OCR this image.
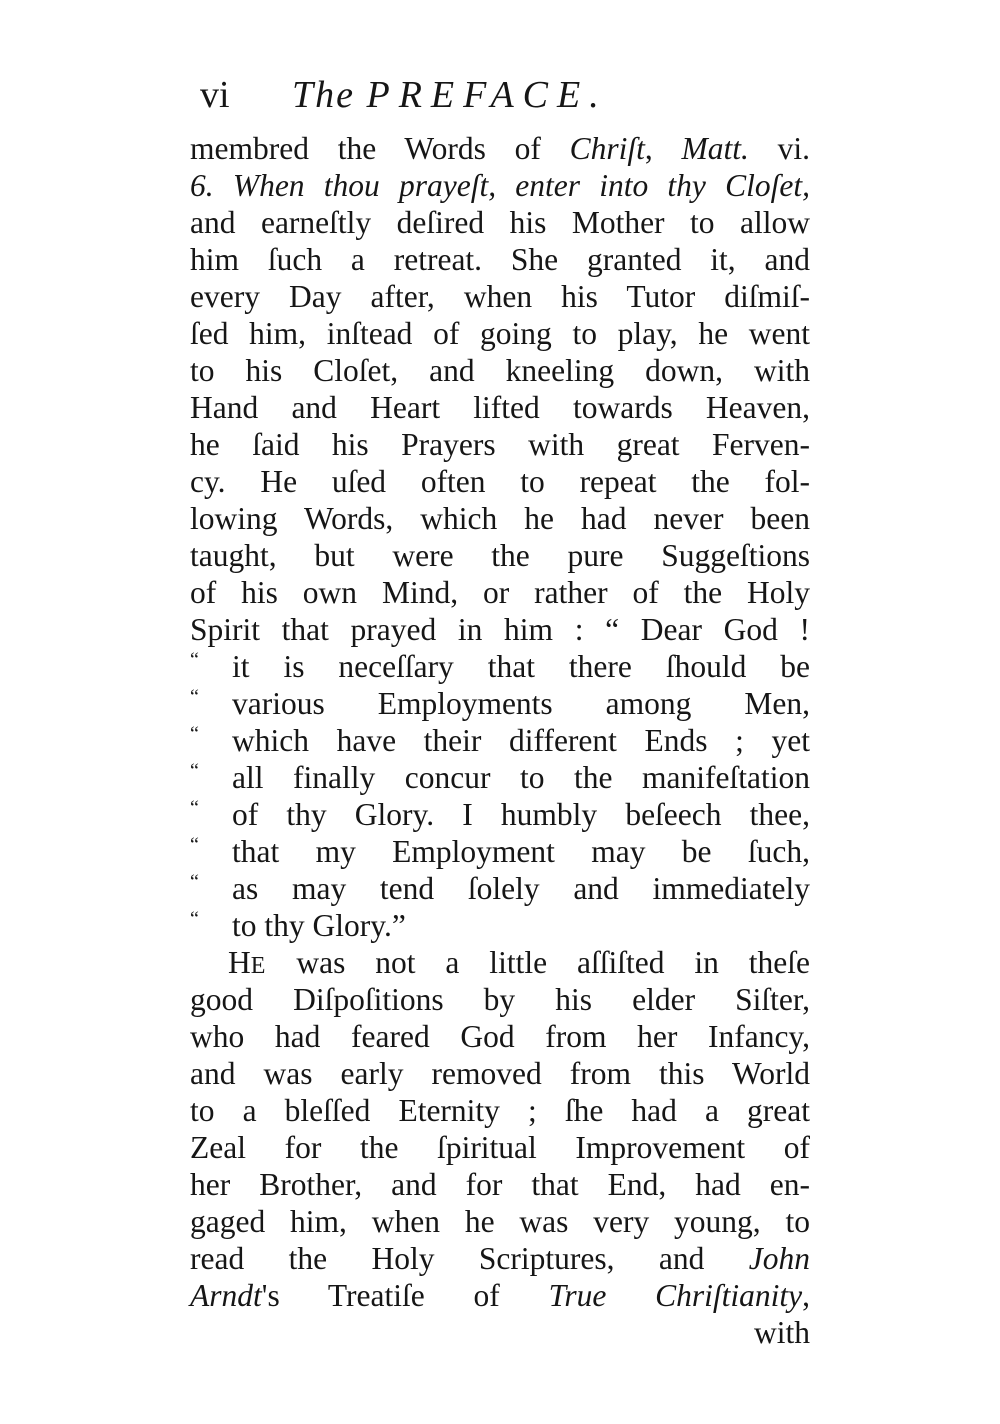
vi The PREFACE.
membred the Words of Chriſt, Matt. vi.
6. When thou prayeſt, enter into thy Cloſet,
and earneſtly deſired his Mother to allow
him ſuch a retreat. She granted it, and
every Day after, when his Tutor diſmiſ-
ſed him, inſtead of going to play, he went
to his Cloſet, and kneeling down, with
Hand and Heart lifted towards Heaven,
he ſaid his Prayers with great Ferven-
cy. He uſed often to repeat the fol-
lowing Words, which he had never been
taught, but were the pure Suggeſtions
of his own Mind, or rather of the Holy
Spirit that prayed in him : “ Dear God !
“ it is neceſſary that there ſhould be
“ various Employments among Men,
“ which have their different Ends ; yet
“ all finally concur to the manifeſtation
“ of thy Glory. I humbly beſeech thee,
“ that my Employment may be ſuch,
“ as may tend ſolely and immediately
“ to thy Glory.”
HE was not a little aſſiſted in theſe
good Diſpoſitions by his elder Siſter,
who had feared God from her Infancy,
and was early removed from this World
to a bleſſed Eternity ; ſhe had a great
Zeal for the ſpiritual Improvement of
her Brother, and for that End, had en-
gaged him, when he was very young, to
read the Holy Scriptures, and John
Arndt's Treatiſe of True Chriſtianity,
with
